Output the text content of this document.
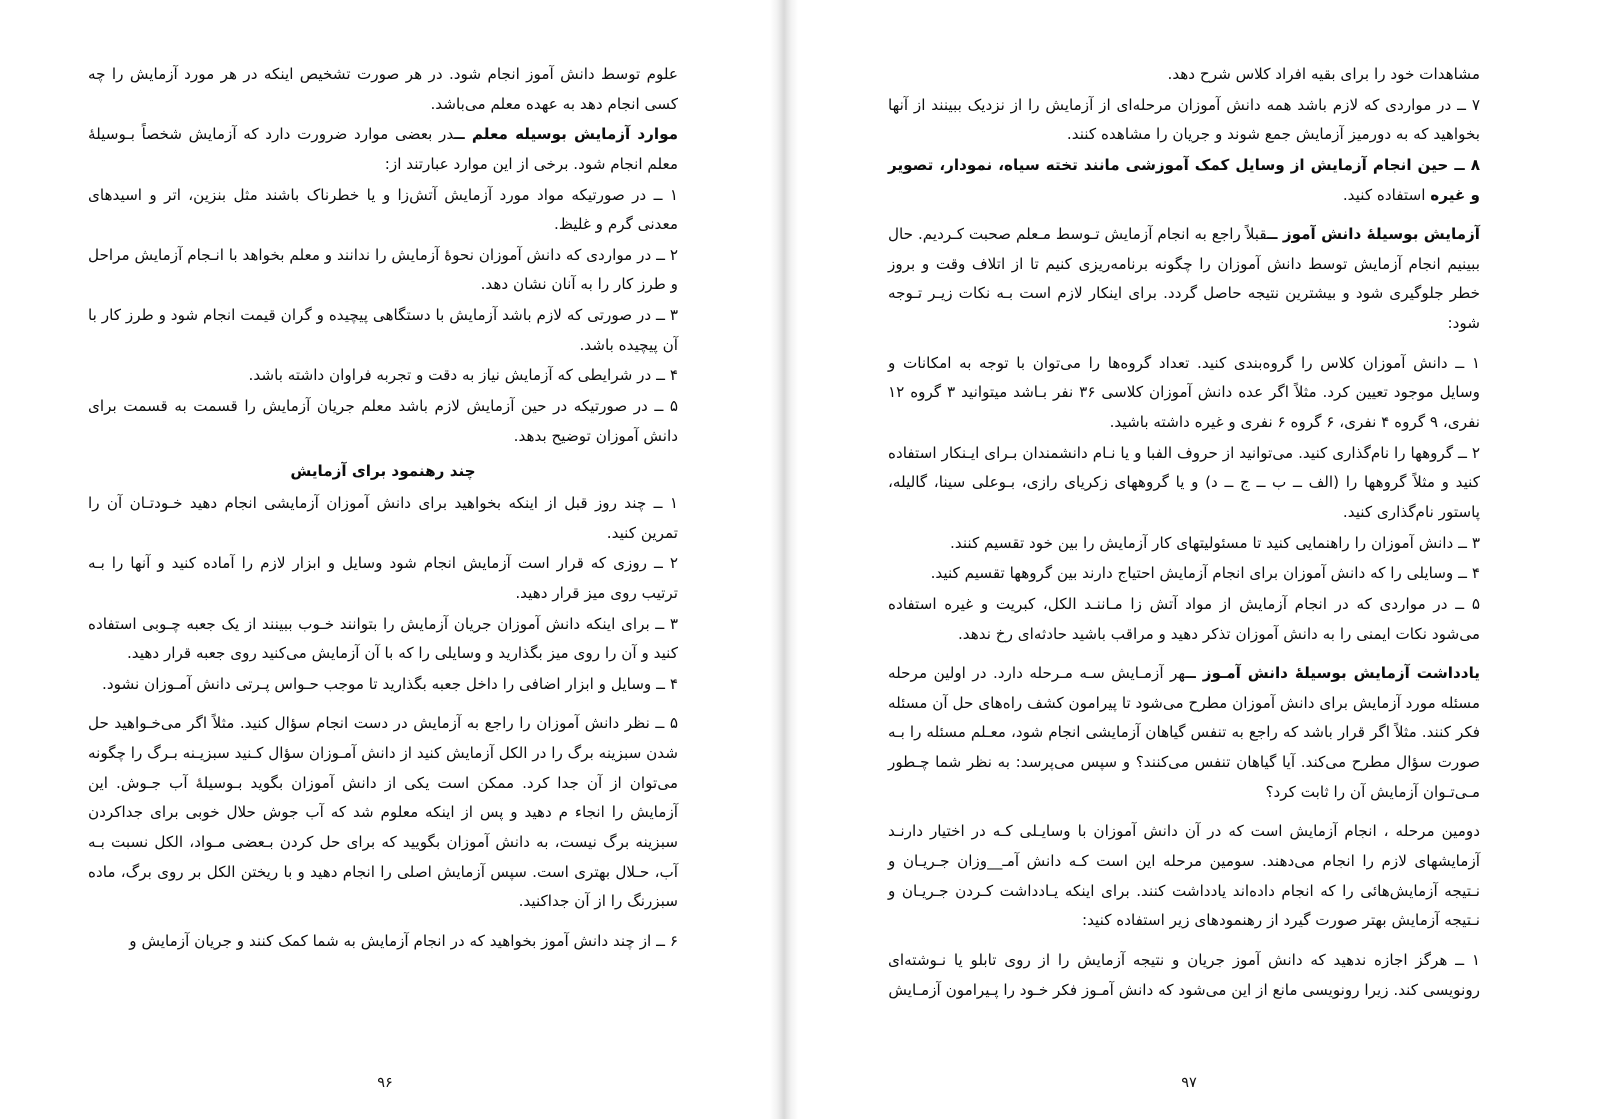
مشاهدات خود را برای بقیه افراد کلاس شرح دهد.

۷ ــ در مواردی که لازم باشد همه دانش آموزان مرحله‌ای از آزمایش را از نزدیک ببینند از آنها بخواهید که به دورمیز آزمایش جمع شوند و جریان را مشاهده کنند.

۸ ــ حین انجام آزمایش از وسایل کمک آموزشی مانند تخته سیاه، نمودار، تصویر و غیره استفاده کنید.

آزمایش بوسیلهٔ دانش آموز ــقبلاً راجع به انجام آزمایش تـوسط مـعلم صحبت کـردیم. حال ببینیم انجام آزمایش توسط دانش آموزان را چگونه برنامه‌ریزی کنیم تا از اتلاف وقت و بروز خطر جلوگیری شود و بیشترین نتیجه حاصل گردد. برای اینکار لازم است بـه نکات زیـر تـوجه شود:

۱ ــ دانش آموزان کلاس را گروه‌بندی کنید. تعداد گروه‌ها را می‌توان با توجه به امکانات و وسایل موجود تعیین کرد. مثلاً اگر عده دانش آموزان کلاسی ۳۶ نفر بـاشد میتوانید ۳ گروه ۱۲ نفری، ۹ گروه ۴ نفری، ۶ گروه ۶ نفری و غیره داشته باشید.

۲ ــ گروهها را نام‌گذاری کنید. می‌توانید از حروف الفبا و یا نـام دانشمندان بـرای ایـنکار استفاده کنید و مثلاً گروهها را (الف ــ ب ــ ج ــ د) و یا گروههای زکریای رازی، بـوعلی سینا، گالیله، پاستور نام‌گذاری کنید.

۳ ــ دانش آموزان را راهنمایی کنید تا مسئولیتهای کار آزمایش را بین خود تقسیم کنند.

۴ ــ وسایلی را که دانش آموزان برای انجام آزمایش احتیاج دارند بین گروهها تقسیم کنید.

۵ ــ در مواردی که در انجام آزمایش از مواد آتش زا مـاننـد الکل، کبریت و غیره استفاده می‌شود نکات ایمنی را به دانش آموزان تذکر دهید و مراقب باشید حادثه‌ای رخ ندهد.

یادداشت آزمایش بوسیلهٔ دانش آمـوز ــهر آزمـایش سـه مـرحله دارد. در اولین مرحله مسئله مورد آزمایش برای دانش آموزان مطرح می‌شود تا پیرامون کشف راه‌های حل آن مسئله فکر کنند. مثلاً اگر قرار باشد که راجع به تنفس گیاهان آزمایشی انجام شود، معـلم مسئله را بـه صورت سؤال مطرح می‌کند. آیا گیاهان تنفس می‌کنند؟ و سپس می‌پرسد: به نظر شما چـطور مـی‌تـوان آزمایش آن را ثابت کرد؟

دومین مرحله ، انجام آزمایش است که در آن دانش آموزان با وسایـلی کـه در اختیار دارنـد آزمایشهای لازم را انجام می‌دهند. سومین مرحله این است کـه دانش آمـ__وزان جـریـان و نـتیجه آزمایش‌هائی را که انجام داده‌اند یادداشت کنند. برای اینکه یـادداشت کـردن جـریـان و نـتیجه آزمایش بهتر صورت گیرد از رهنمودهای زیر استفاده کنید:

۱ ــ هرگز اجازه ندهید که دانش آموز جریان و نتیجه آزمایش را از روی تابلو یا نـوشته‌ای رونویسی کند. زیرا رونویسی مانع از این می‌شود که دانش آمـوز فکر خـود را پـیرامون آزمـایش

علوم توسط دانش آموز انجام شود. در هر صورت تشخیص اینکه در هر مورد آزمایش را چه کسی انجام دهد به عهده معلم می‌باشد.

موارد آزمایش بوسیله معلم ــدر بعضی موارد ضرورت دارد که آزمایش شخصاً بـوسیلهٔ معلم انجام شود. برخی از این موارد عبارتند از:

۱ ــ در صورتیکه مواد مورد آزمایش آتش‌زا و یا خطرناک باشند مثل بنزین، اتر و اسیدهای معدنی گرم و غلیظ.

۲ ــ در مواردی که دانش آموزان نحوهٔ آزمایش را ندانند و معلم بخواهد با انـجام آزمایش مراحل و طرز کار را به آنان نشان دهد.

۳ ــ در صورتی که لازم باشد آزمایش با دستگاهی پیچیده و گران قیمت انجام شود و طرز کار با آن پیچیده باشد.

۴ ــ در شرایطی که آزمایش نیاز به دقت و تجربه فراوان داشته باشد.

۵ ــ در صورتیکه در حین آزمایش لازم باشد معلم جریان آزمایش را قسمت به قسمت برای دانش آموزان توضیح بدهد.

چند رهنمود برای آزمایش

۱ ــ چند روز قبل از اینکه بخواهید برای دانش آموزان آزمایشی انجام دهید خـودتـان آن را تمرین کنید.

۲ ــ روزی که قرار است آزمایش انجام شود وسایل و ابزار لازم را آماده کنید و آنها را بـه ترتیب روی میز قرار دهید.

۳ ــ برای اینکه دانش آموزان جریان آزمایش را بتوانند خـوب ببینند از یک جعبه چـوبی استفاده کنید و آن را روی میز بگذارید و وسایلی را که با آن آزمایش می‌کنید روی جعبه قرار دهید.

۴ ــ وسایل و ابزار اضافی را داخل جعبه بگذارید تا موجب حـواس پـرتی دانش آمـوزان نشود.

۵ ــ نظر دانش آموزان را راجع به آزمایش در دست انجام سؤال کنید. مثلاً اگر می‌خـواهید حل شدن سبزینه برگ را در الکل آزمایش کنید از دانش آمـوزان سؤال کـنید سبزیـنه بـرگ را چگونه می‌توان از آن جدا کرد. ممکن است یکی از دانش آموزان بگوید بـوسیلهٔ آب جـوش. این آزمایش را انجاء م دهید و پس از اینکه معلوم شد که آب جوش حلال خوبی برای جداکردن سبزینه برگ نیست، به دانش آموزان بگویید که برای حل کردن بـعضی مـواد، الکل نسبت بـه آب، حـلال بهتری است. سپس آزمایش اصلی را انجام دهید و با ریختن الکل بر روی برگ، ماده سبزرنگ را از آن جداکنید.

۶ ــ از چند دانش آموز بخواهید که در انجام آزمایش به شما کمک کنند و جریان آزمایش و

۹۶	۹۷
